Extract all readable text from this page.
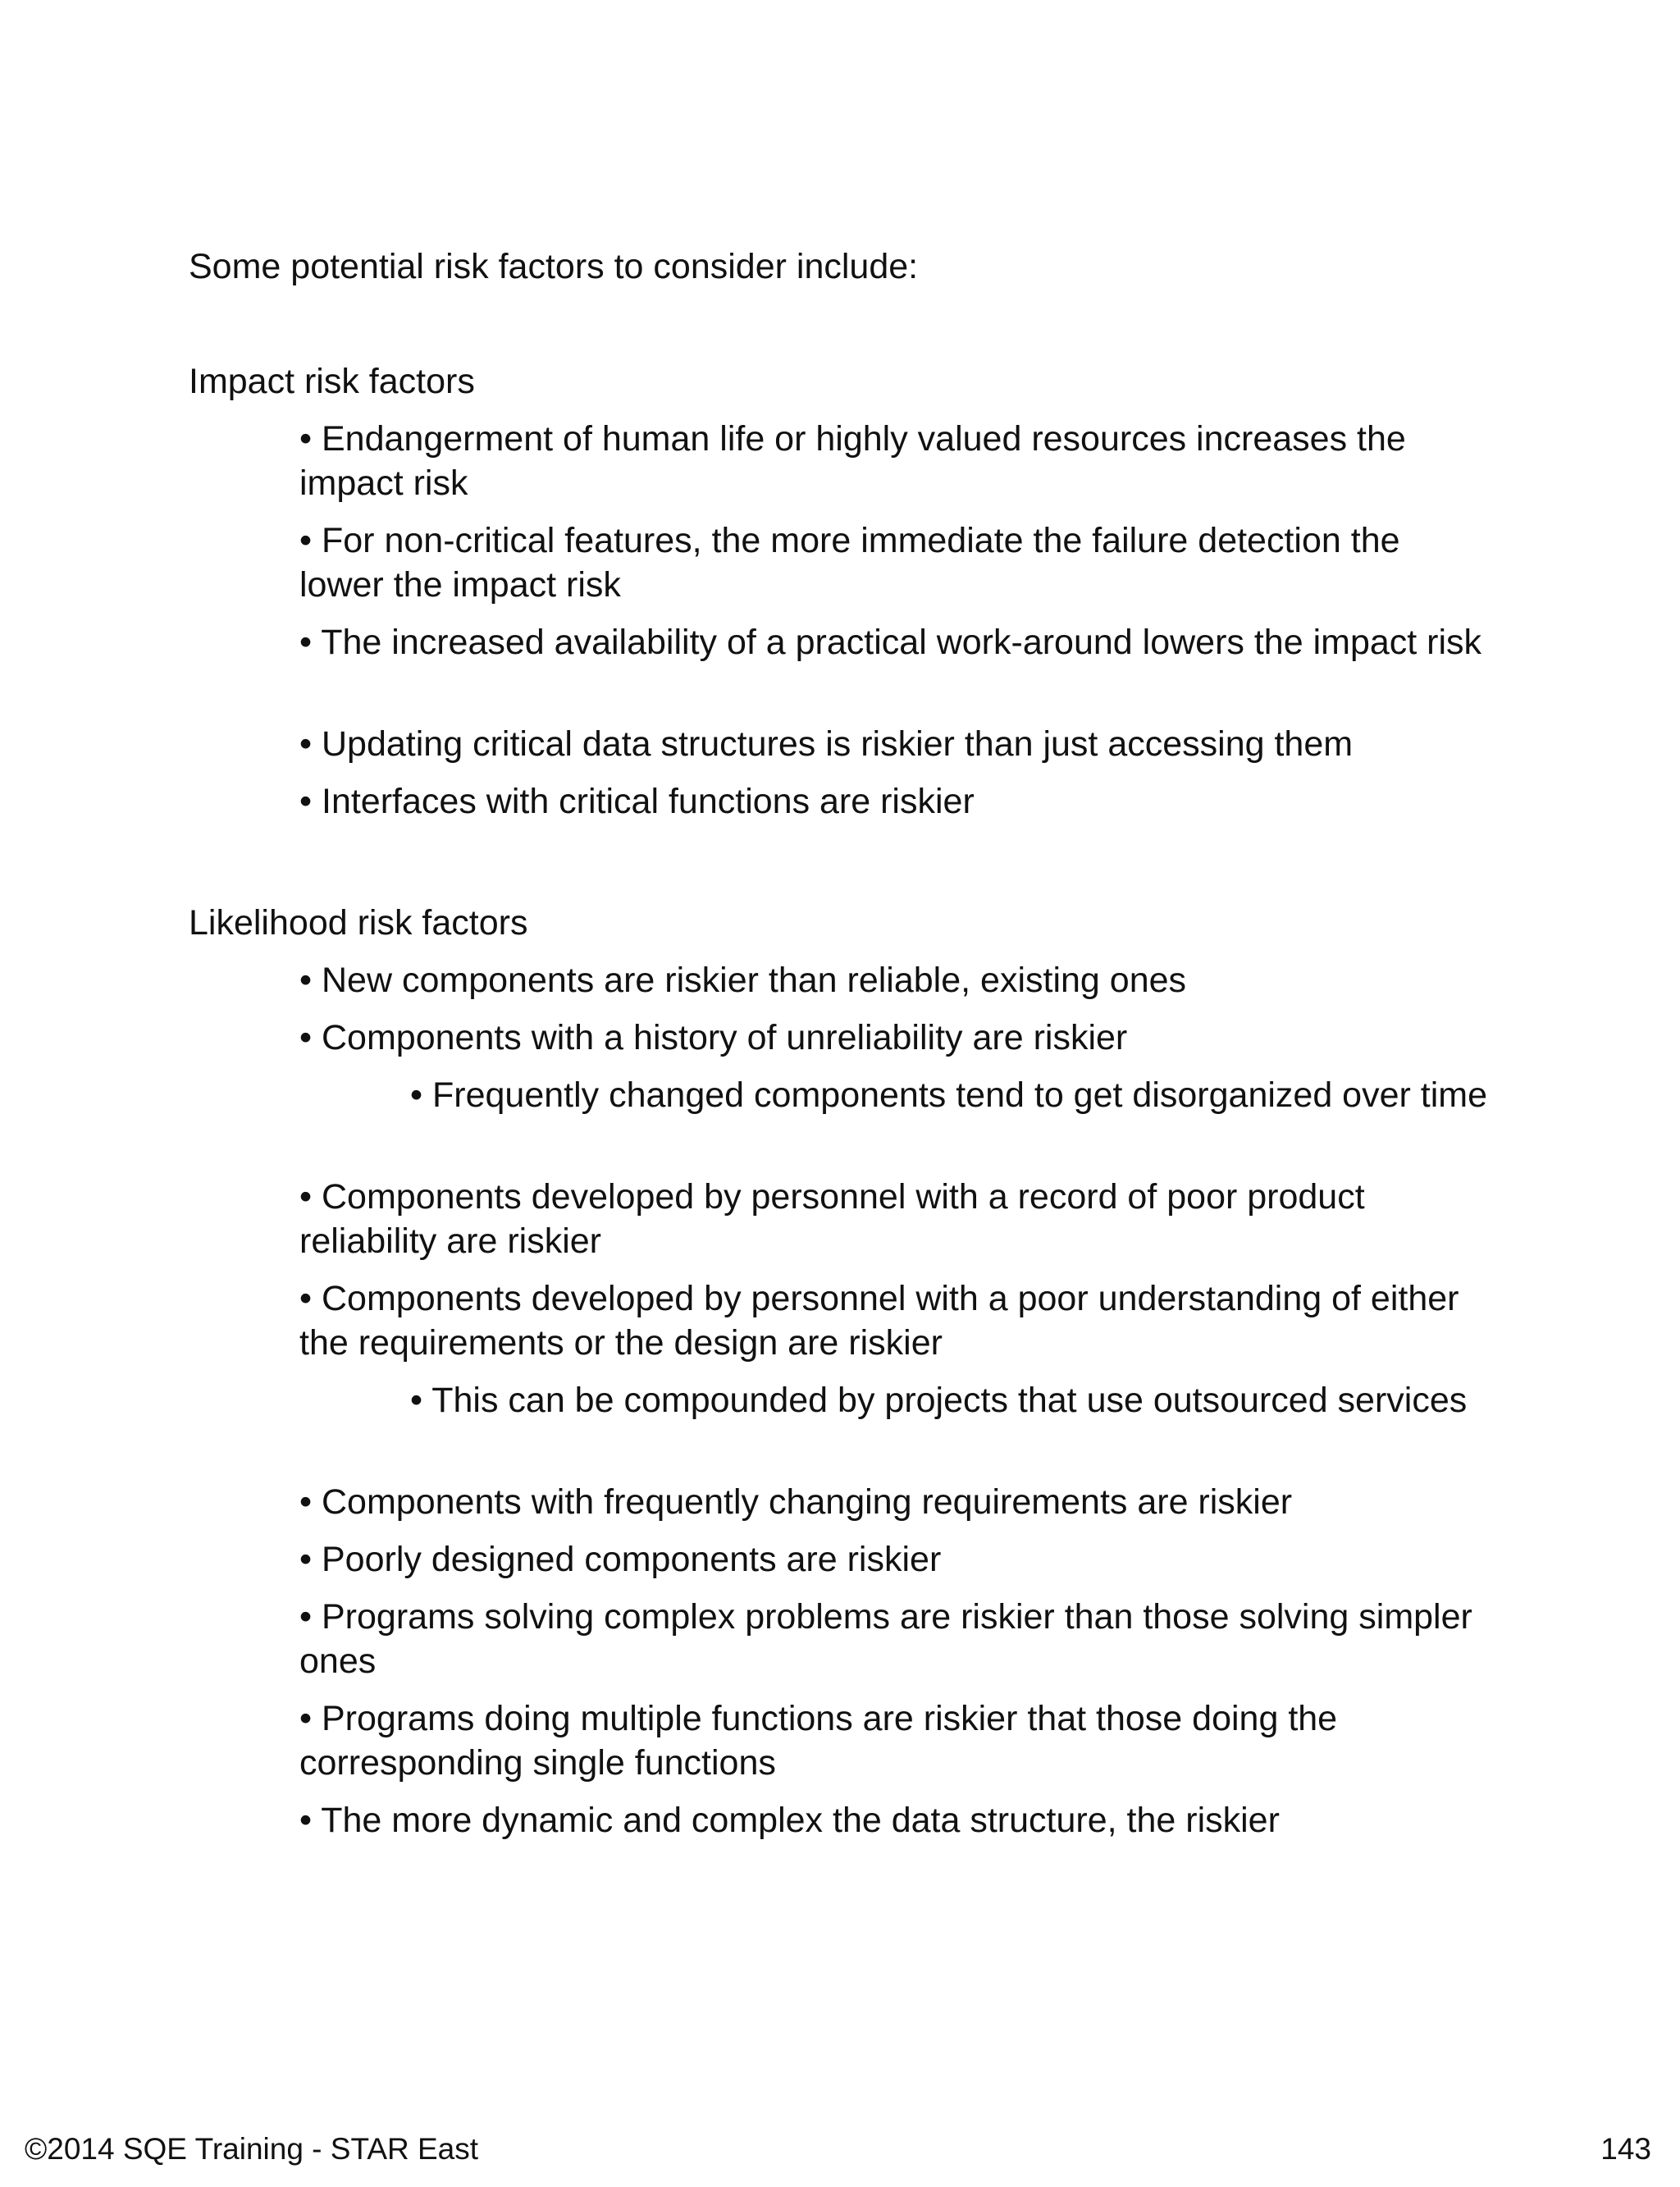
Some potential risk factors to consider include:
Impact risk factors
• Endangerment of human life or highly valued resources increases the impact risk
• For non-critical features, the more immediate the failure detection the lower the impact risk
• The increased availability of a practical work-around lowers the impact risk
• Updating critical data structures is riskier than just accessing them
• Interfaces with critical functions are riskier
Likelihood risk factors
• New components are riskier than reliable, existing ones
• Components with a history of unreliability are riskier
• Frequently changed components tend to get disorganized over time
• Components developed by personnel with a record of poor product reliability are riskier
• Components developed by personnel with a poor understanding of either the requirements or the design are riskier
• This can be compounded by projects that use outsourced services
• Components with frequently changing requirements are riskier
• Poorly designed components are riskier
• Programs solving complex problems are riskier than those solving simpler ones
• Programs doing multiple functions are riskier that those doing the corresponding single functions
• The more dynamic and complex the data structure, the riskier
©2014 SQE Training - STAR East	143
